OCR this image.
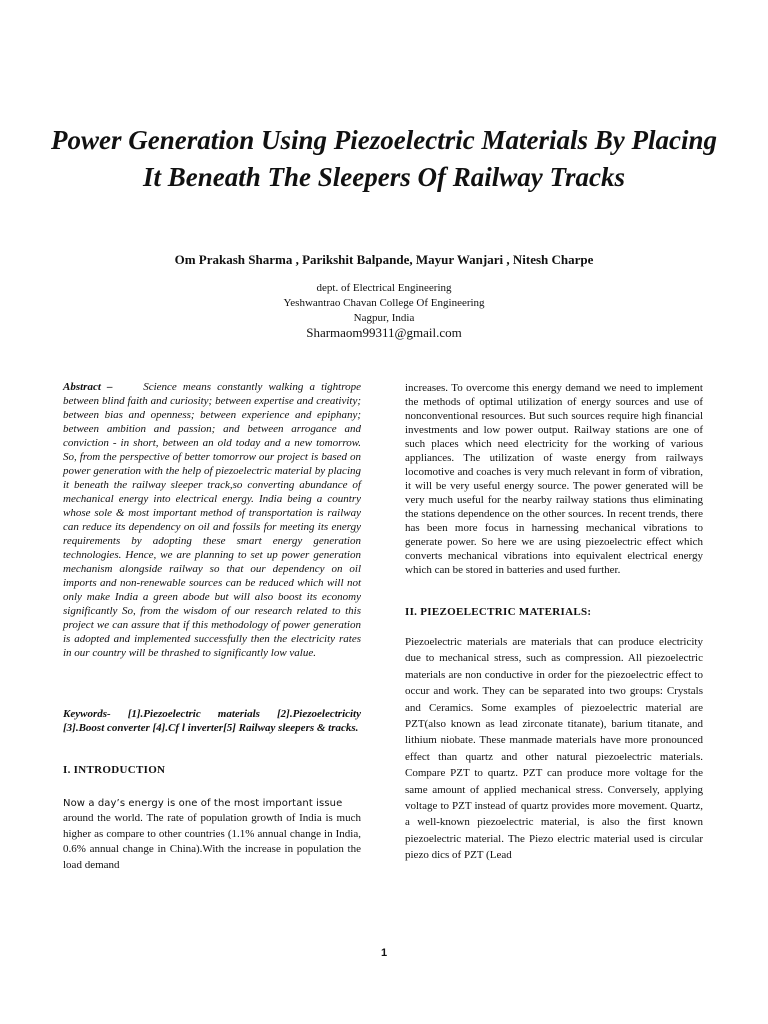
Power Generation Using Piezoelectric Materials By Placing It Beneath The Sleepers Of Railway Tracks

Om Prakash Sharma , Parikshit Balpande, Mayur Wanjari , Nitesh Charpe

dept. of Electrical Engineering
Yeshwantrao Chavan College Of Engineering
Nagpur, India

Sharmaom99311@gmail.com

Abstract –	Science means constantly walking a tightrope between blind faith and curiosity; between expertise and creativity; between bias and openness; between experience and epiphany; between ambition and passion; and between arrogance and conviction - in short, between an old today and a new tomorrow. So, from the perspective of better tomorrow our project is based on power generation with the help of piezoelectric material by placing it beneath the railway sleeper track,so converting abundance of mechanical energy into electrical energy. India being a country whose sole & most important method of transportation is railway can reduce its dependency on oil and fossils for meeting its energy requirements by adopting these smart energy generation technologies. Hence, we are planning to set up power generation mechanism alongside railway so that our dependency on oil imports and non-renewable sources can be reduced which will not only make India a green abode but will also boost its economy significantly So, from the wisdom of our research related to this project we can assure that if this methodology of power generation is adopted and implemented successfully then the electricity rates in our country will be thrashed to significantly low value.

Keywords- [1].Piezoelectric materials [2].Piezoelectricity [3].Boost converter [4].Cf l inverter[5] Railway sleepers & tracks.

I. INTRODUCTION

Now a day’s energy is one of the most important issue

around the world. The rate of population growth of India is much higher as compare to other countries (1.1% annual change in India, 0.6% annual change in China).With the increase in population the load demand

increases. To overcome this energy demand we need to implement the methods of optimal utilization of energy sources and use of nonconventional resources. But such sources require high financial investments and low power output. Railway stations are one of such places which need electricity for the working of various appliances. The utilization of waste energy from railways locomotive and coaches is very much relevant in form of vibration, it will be very useful energy source. The power generated will be very much useful for the nearby railway stations thus eliminating the stations dependence on the other sources. In recent trends, there has been more focus in harnessing mechanical vibrations to generate power. So here we are using piezoelectric effect which converts mechanical vibrations into equivalent electrical energy which can be stored in batteries and used further.

II. PIEZOELECTRIC MATERIALS:

Piezoelectric materials are materials that can produce electricity due to mechanical stress, such as compression. All piezoelectric materials are non conductive in order for the piezoelectric effect to occur and work. They can be separated into two groups: Crystals and Ceramics. Some examples of piezoelectric material are PZT(also known as lead zirconate titanate), barium titanate, and lithium niobate. These manmade materials have more pronounced effect than quartz and other natural piezoelectric materials. Compare PZT to quartz. PZT can produce more voltage for the same amount of applied mechanical stress. Conversely, applying voltage to PZT instead of quartz provides more movement. Quartz, a well-known piezoelectric material, is also the first known piezoelectric material. The Piezo electric material used is circular piezo dics of PZT (Lead

1
